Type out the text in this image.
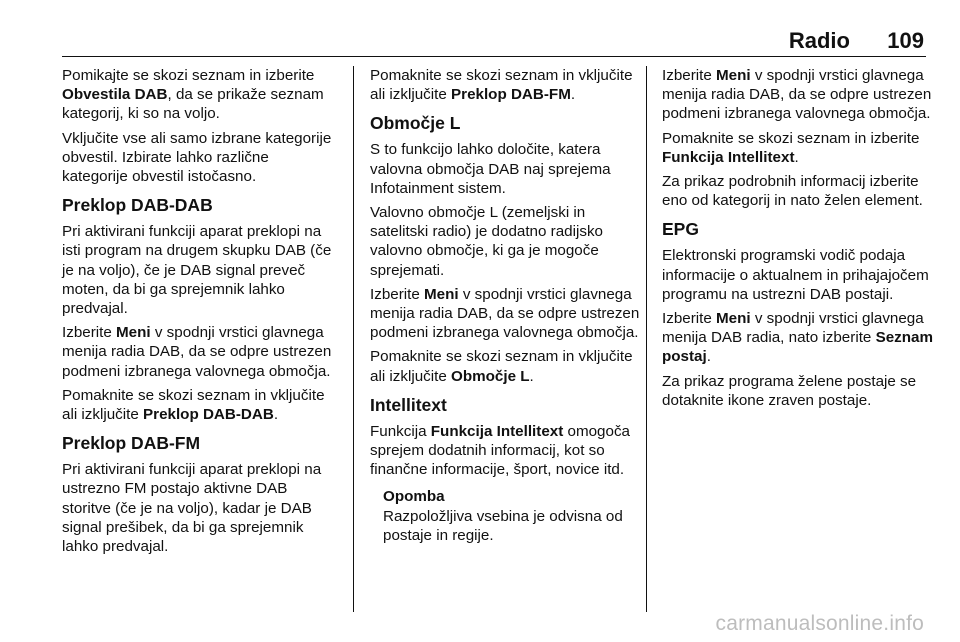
Radio 109

Pomikajte se skozi seznam in izberite Obvestila DAB, da se prikaže seznam kategorij, ki so na voljo.

Vključite vse ali samo izbrane kategorije obvestil. Izbirate lahko različne kategorije obvestil istočasno.

Preklop DAB-DAB

Pri aktivirani funkciji aparat preklopi na isti program na drugem skupku DAB (če je na voljo), če je DAB signal preveč moten, da bi ga sprejemnik lahko predvajal.

Izberite Meni v spodnji vrstici glavnega menija radia DAB, da se odpre ustrezen podmeni izbranega valovnega območja.

Pomaknite se skozi seznam in vključite ali izključite Preklop DAB-DAB.

Preklop DAB-FM

Pri aktivirani funkciji aparat preklopi na ustrezno FM postajo aktivne DAB storitve (če je na voljo), kadar je DAB signal prešibek, da bi ga sprejemnik lahko predvajal.

Pomaknite se skozi seznam in vključite ali izključite Preklop DAB-FM.

Območje L

S to funkcijo lahko določite, katera valovna območja DAB naj sprejema Infotainment sistem.

Valovno območje L (zemeljski in satelitski radio) je dodatno radijsko valovno območje, ki ga je mogoče sprejemati.

Izberite Meni v spodnji vrstici glavnega menija radia DAB, da se odpre ustrezen podmeni izbranega valovnega območja.

Pomaknite se skozi seznam in vključite ali izključite Območje L.

Intellitext

Funkcija Funkcija Intellitext omogoča sprejem dodatnih informacij, kot so finančne informacije, šport, novice itd.

Opomba
Razpoložljiva vsebina je odvisna od postaje in regije.

Izberite Meni v spodnji vrstici glavnega menija radia DAB, da se odpre ustrezen podmeni izbranega valovnega območja.

Pomaknite se skozi seznam in izberite Funkcija Intellitext.

Za prikaz podrobnih informacij izberite eno od kategorij in nato želen element.

EPG

Elektronski programski vodič podaja informacije o aktualnem in prihajajočem programu na ustrezni DAB postaji.

Izberite Meni v spodnji vrstici glavnega menija DAB radia, nato izberite Seznam postaj.

Za prikaz programa želene postaje se dotaknite ikone zraven postaje.

carmanualsonline.info
